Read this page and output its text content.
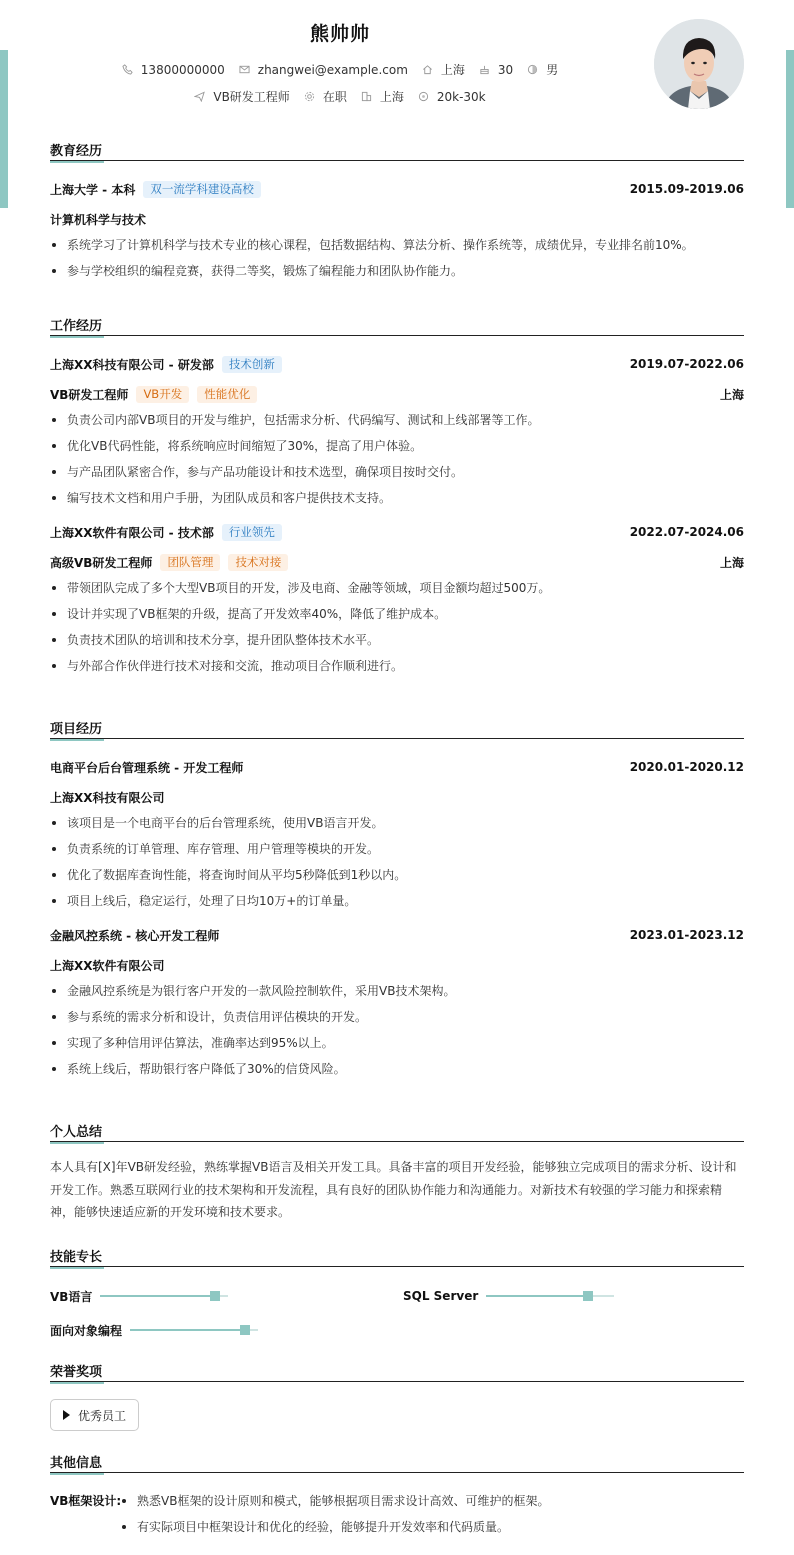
熊帅帅
13800000000	zhangwei@example.com	上海	30	男
VB研发工程师	在职	上海	20k-30k
教育经历
上海大学 - 本科	双一流学科建设高校	2015.09-2019.06
计算机科学与技术
系统学习了计算机科学与技术专业的核心课程，包括数据结构、算法分析、操作系统等，成绩优异，专业排名前10%。
参与学校组织的编程竞赛，获得二等奖，锻炼了编程能力和团队协作能力。
工作经历
上海XX科技有限公司 - 研发部	技术创新	2019.07-2022.06
VB研发工程师	VB开发	性能优化	上海
负责公司内部VB项目的开发与维护，包括需求分析、代码编写、测试和上线部署等工作。
优化VB代码性能，将系统响应时间缩短了30%，提高了用户体验。
与产品团队紧密合作，参与产品功能设计和技术选型，确保项目按时交付。
编写技术文档和用户手册，为团队成员和客户提供技术支持。
上海XX软件有限公司 - 技术部	行业领先	2022.07-2024.06
高级VB研发工程师	团队管理	技术对接	上海
带领团队完成了多个大型VB项目的开发，涉及电商、金融等领域，项目金额均超过500万。
设计并实现了VB框架的升级，提高了开发效率40%，降低了维护成本。
负责技术团队的培训和技术分享，提升团队整体技术水平。
与外部合作伙伴进行技术对接和交流，推动项目合作顺利进行。
项目经历
电商平台后台管理系统 - 开发工程师	2020.01-2020.12
上海XX科技有限公司
该项目是一个电商平台的后台管理系统，使用VB语言开发。
负责系统的订单管理、库存管理、用户管理等模块的开发。
优化了数据库查询性能，将查询时间从平均5秒降低到1秒以内。
项目上线后，稳定运行，处理了日均10万+的订单量。
金融风控系统 - 核心开发工程师	2023.01-2023.12
上海XX软件有限公司
金融风控系统是为银行客户开发的一款风险控制软件，采用VB技术架构。
参与系统的需求分析和设计，负责信用评估模块的开发。
实现了多种信用评估算法，准确率达到95%以上。
系统上线后，帮助银行客户降低了30%的信贷风险。
个人总结
本人具有[X]年VB研发经验，熟练掌握VB语言及相关开发工具。具备丰富的项目开发经验，能够独立完成项目的需求分析、设计和开发工作。熟悉互联网行业的技术架构和开发流程，具有良好的团队协作能力和沟通能力。对新技术有较强的学习能力和探索精神，能够快速适应新的开发环境和技术要求。
技能专长
VB语言	SQL Server
面向对象编程
荣誉奖项
优秀员工
其他信息
VB框架设计:	熟悉VB框架的设计原则和模式，能够根据项目需求设计高效、可维护的框架。
有实际项目中框架设计和优化的经验，能够提升开发效率和代码质量。
